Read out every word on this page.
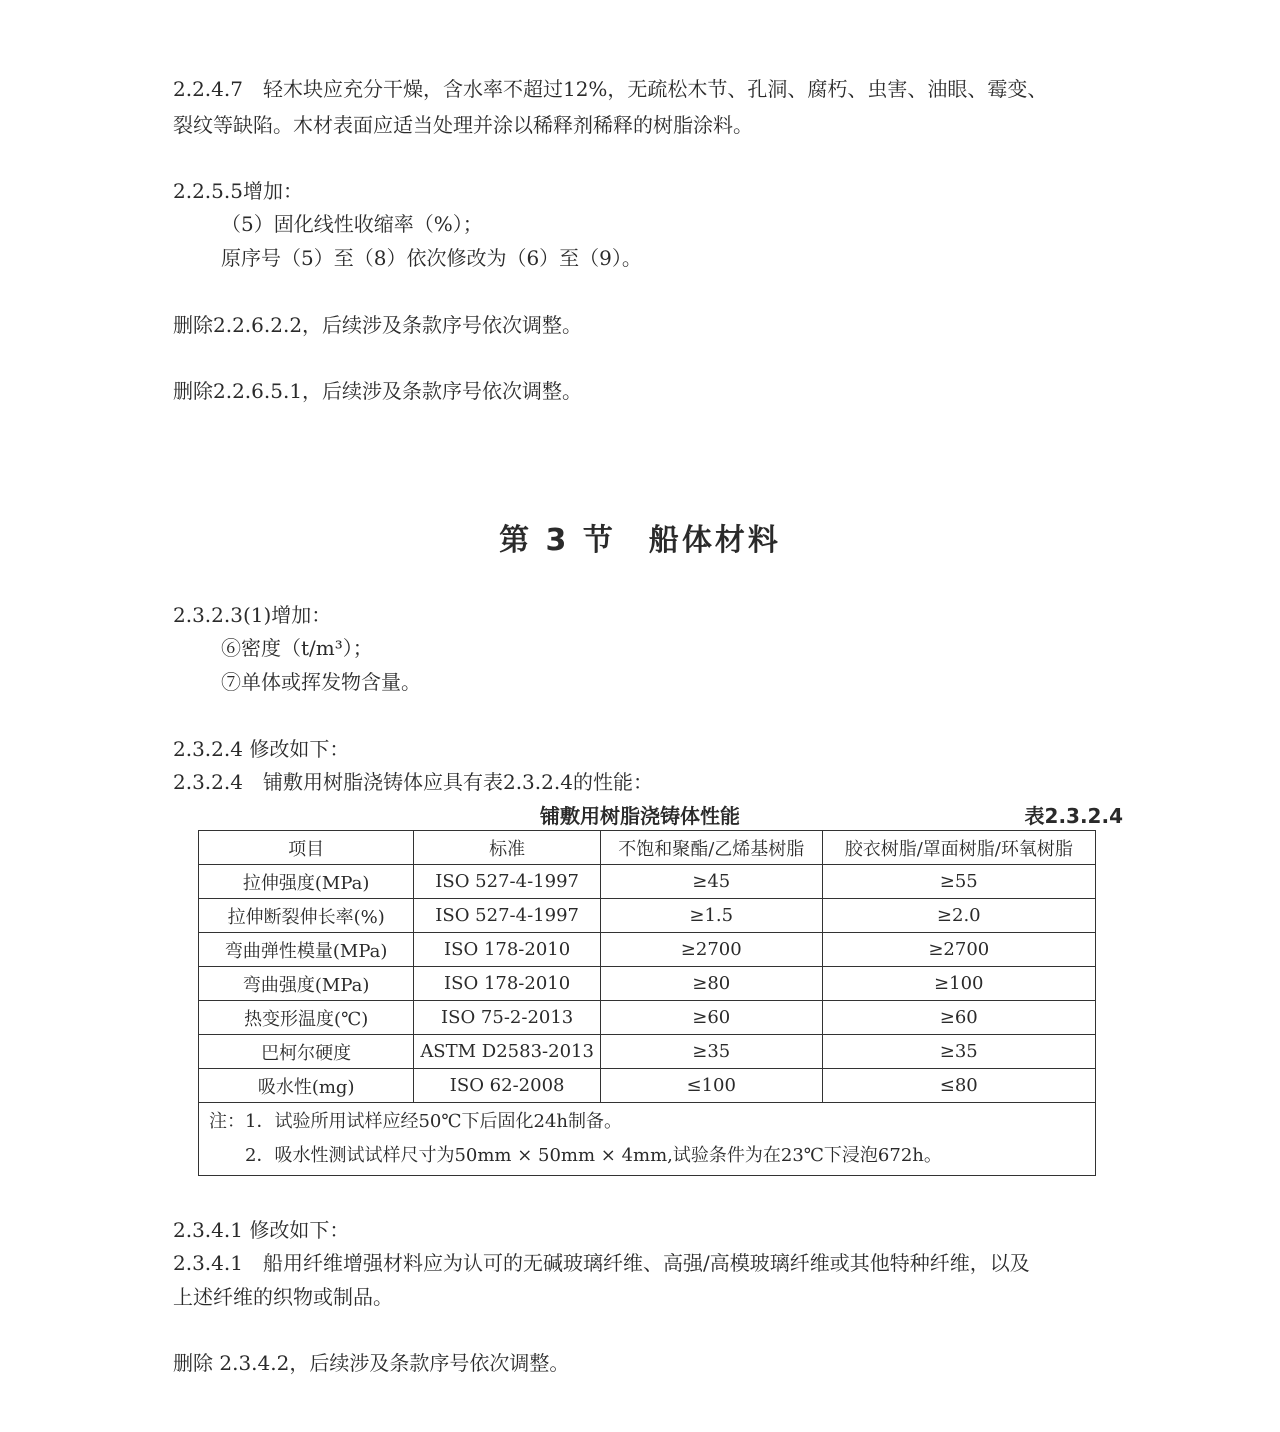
2.2.4.7　轻木块应充分干燥，含水率不超过12%，无疏松木节、孔洞、腐朽、虫害、油眼、霉变、
裂纹等缺陷。木材表面应适当处理并涂以稀释剂稀释的树脂涂料。
2.2.5.5增加：
（5）固化线性收缩率（%）；
原序号（5）至（8）依次修改为（6）至（9）。
删除2.2.6.2.2，后续涉及条款序号依次调整。
删除2.2.6.5.1，后续涉及条款序号依次调整。
第 3 节　船体材料
2.3.2.3(1)增加：
⑥密度（t/m³）；
⑦单体或挥发物含量。
2.3.2.4 修改如下：
2.3.2.4　铺敷用树脂浇铸体应具有表2.3.2.4的性能：
铺敷用树脂浇铸体性能	表2.3.2.4
项目	标准	不饱和聚酯/乙烯基树脂	胶衣树脂/罩面树脂/环氧树脂
拉伸强度(MPa)	ISO 527-4-1997	≥45	≥55
拉伸断裂伸长率(%)	ISO 527-4-1997	≥1.5	≥2.0
弯曲弹性模量(MPa)	ISO 178-2010	≥2700	≥2700
弯曲强度(MPa)	ISO 178-2010	≥80	≥100
热变形温度(℃)	ISO 75-2-2013	≥60	≥60
巴柯尔硬度	ASTM D2583-2013	≥35	≥35
吸水性(mg)	ISO 62-2008	≤100	≤80
注：1．试验所用试样应经50℃下后固化24h制备。
2．吸水性测试试样尺寸为50mm × 50mm × 4mm,试验条件为在23℃下浸泡672h。			
2.3.4.1 修改如下：
2.3.4.1　船用纤维增强材料应为认可的无碱玻璃纤维、高强/高模玻璃纤维或其他特种纤维，以及
上述纤维的织物或制品。
删除 2.3.4.2，后续涉及条款序号依次调整。
